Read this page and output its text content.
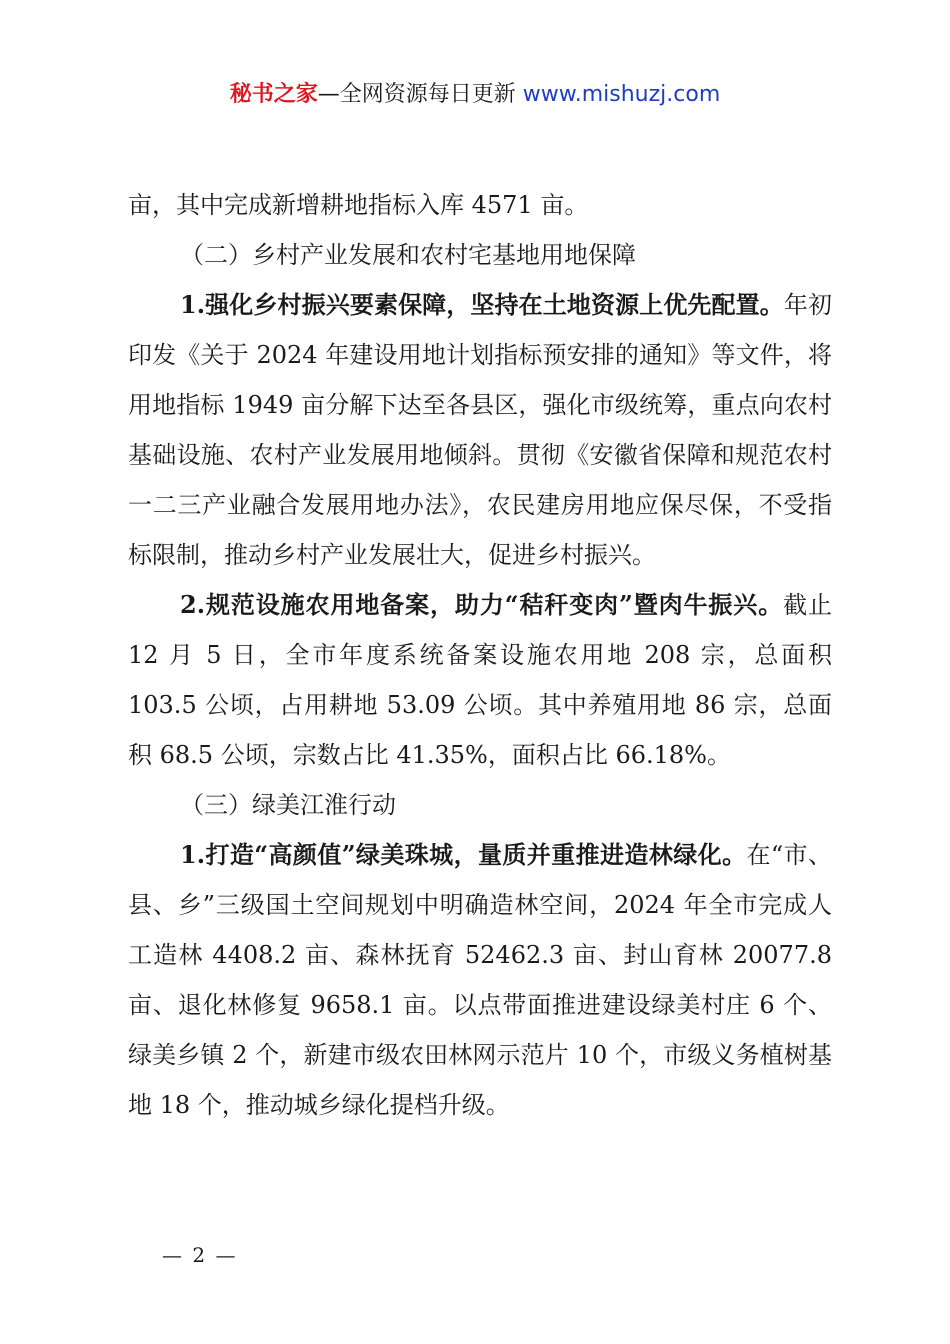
秘书之家—全网资源每日更新 www.mishuzj.com

亩，其中完成新增耕地指标入库 4571 亩。

（二）乡村产业发展和农村宅基地用地保障

1.强化乡村振兴要素保障，坚持在土地资源上优先配置。年初印发《关于 2024 年建设用地计划指标预安排的通知》等文件，将用地指标 1949 亩分解下达至各县区，强化市级统筹，重点向农村基础设施、农村产业发展用地倾斜。贯彻《安徽省保障和规范农村一二三产业融合发展用地办法》，农民建房用地应保尽保，不受指标限制，推动乡村产业发展壮大，促进乡村振兴。

2.规范设施农用地备案，助力“秸秆变肉”暨肉牛振兴。截止 12 月 5 日，全市年度系统备案设施农用地 208 宗，总面积 103.5 公顷，占用耕地 53.09 公顷。其中养殖用地 86 宗，总面积 68.5 公顷，宗数占比 41.35%，面积占比 66.18%。

（三）绿美江淮行动

1.打造“高颜值”绿美珠城，量质并重推进造林绿化。在“市、县、乡”三级国土空间规划中明确造林空间，2024 年全市完成人工造林 4408.2 亩、森林抚育 52462.3 亩、封山育林 20077.8 亩、退化林修复 9658.1 亩。以点带面推进建设绿美村庄 6 个、绿美乡镇 2 个，新建市级农田林网示范片 10 个，市级义务植树基地 18 个，推动城乡绿化提档升级。

— 2 —
